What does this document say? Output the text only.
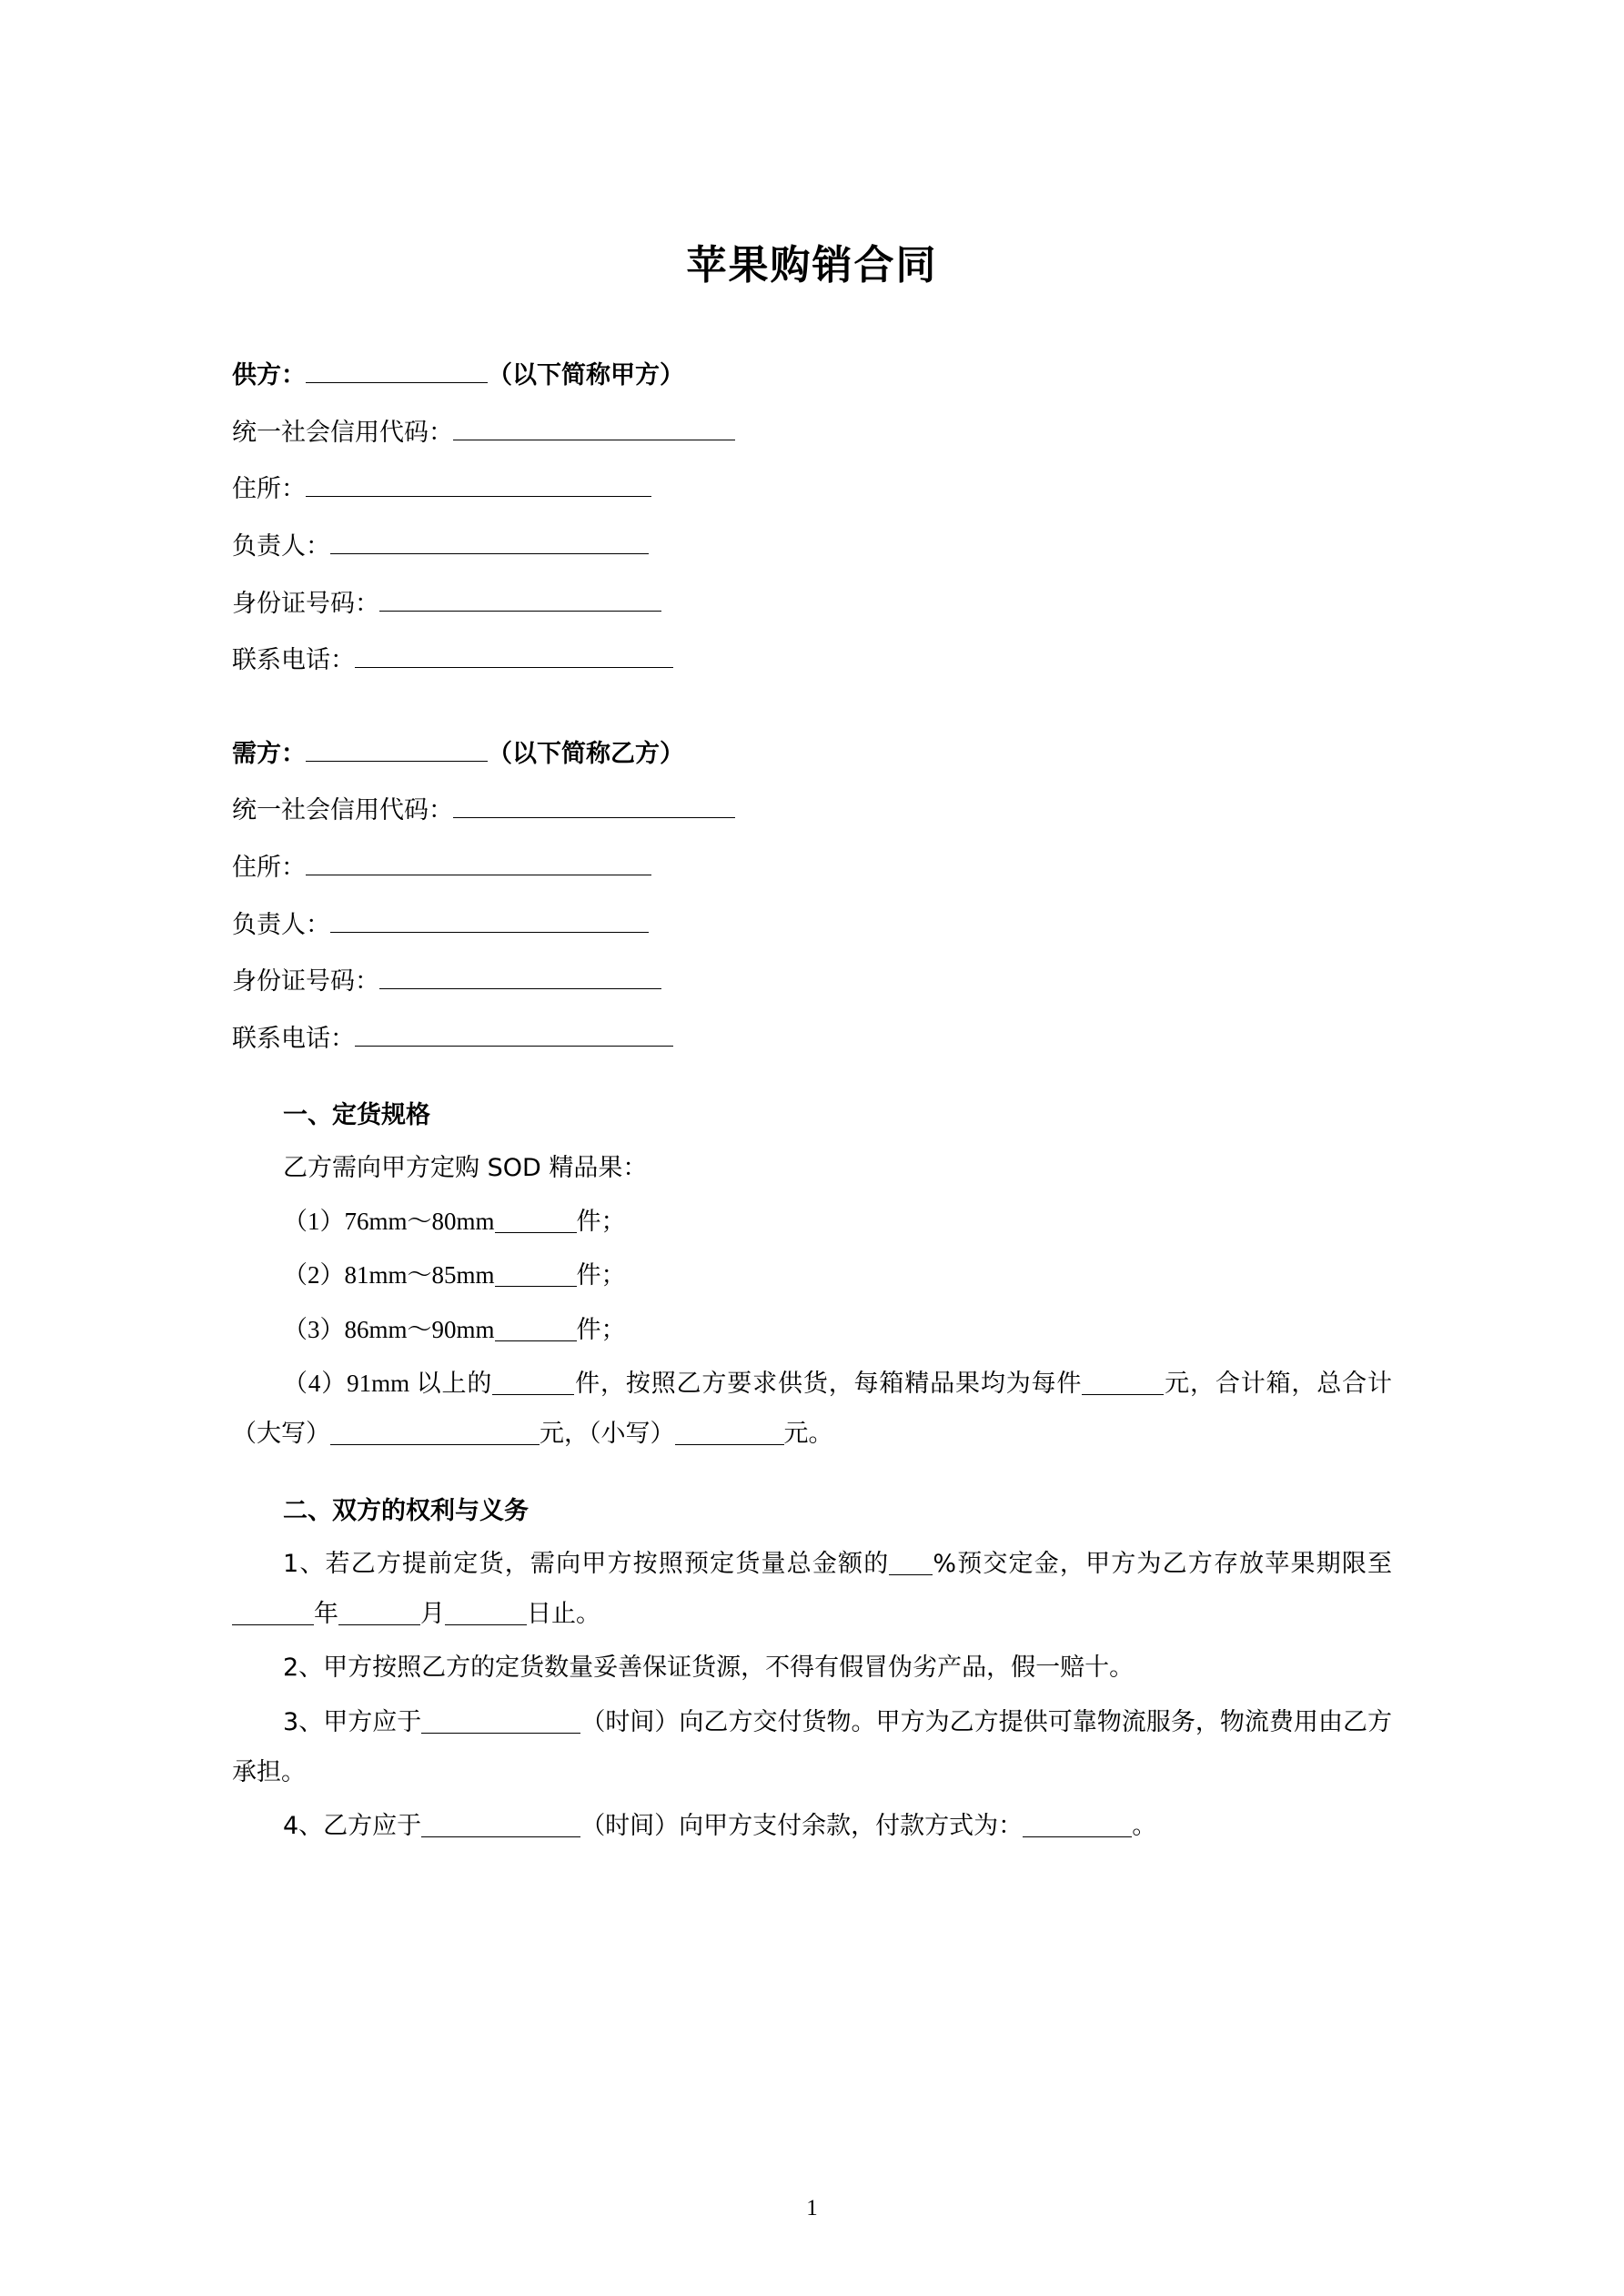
苹果购销合同
供方：	（以下简称甲方）
统一社会信用代码：
住所：
负责人：
身份证号码：
联系电话：
需方：	（以下简称乙方）
统一社会信用代码：
住所：
负责人：
身份证号码：
联系电话：
一、定货规格
乙方需向甲方定购 SOD 精品果：
（1）76mm～80mm	件；
（2）81mm～85mm	件；
（3）86mm～90mm	件；
（4）91mm 以上的	件，按照乙方要求供货，每箱精品果均为每件	元，合计箱，总合计（大写）	元，（小写）	元。
二、双方的权利与义务
1、若乙方提前定货，需向甲方按照预定货量总金额的 %预交定金，甲方为乙方存放苹果期限至年	月	日止。
2、甲方按照乙方的定货数量妥善保证货源，不得有假冒伪劣产品，假一赔十。
3、甲方应于	（时间）向乙方交付货物。甲方为乙方提供可靠物流服务，物流费用由乙方承担。
4、乙方应于	（时间）向甲方支付余款，付款方式为：	。
1
